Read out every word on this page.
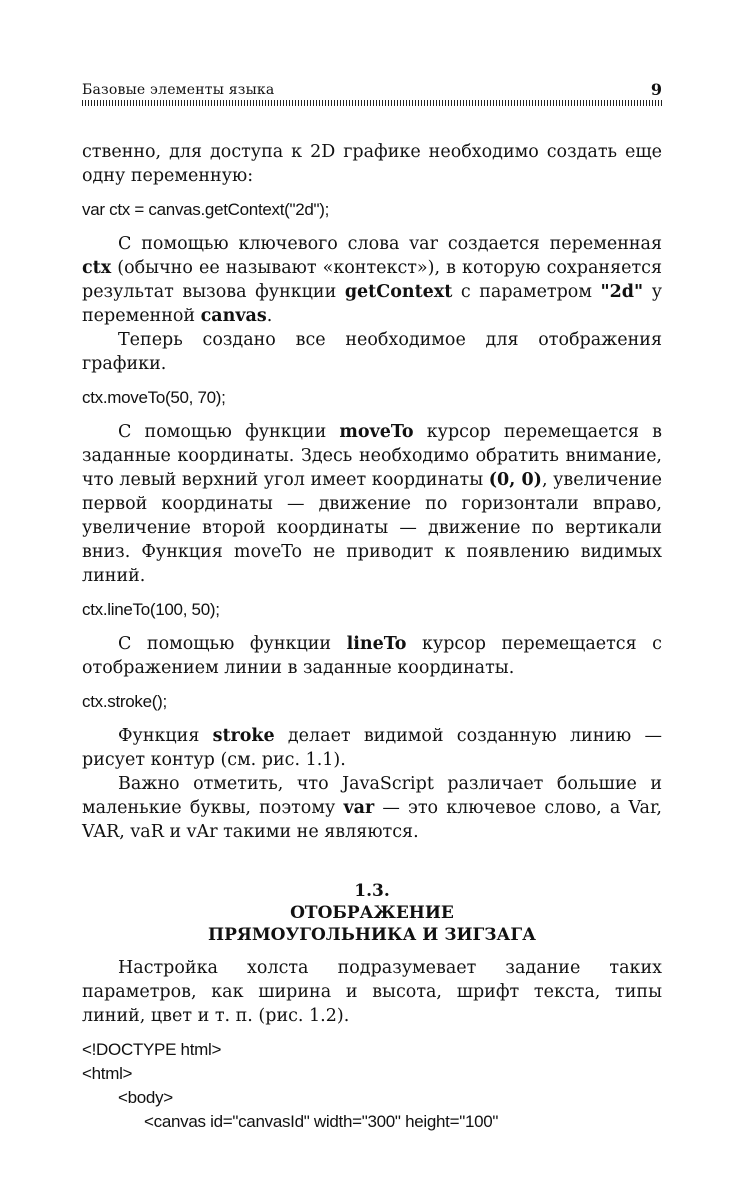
Базовые элементы языка	9

ственно, для доступа к 2D графике необходимо создать еще одну переменную:

var ctx = canvas.getContext("2d");

С помощью ключевого слова var создается переменная ctx (обычно ее называют «контекст»), в которую сохраняется результат вызова функции getContext с параметром "2d" у переменной canvas.

Теперь создано все необходимое для отображения графики.

ctx.moveTo(50, 70);

С помощью функции moveTo курсор перемещается в заданные координаты. Здесь необходимо обратить внимание, что левый верхний угол имеет координаты (0, 0), увеличение первой координаты — движение по горизонтали вправо, увеличение второй координаты — движение по вертикали вниз. Функция moveTo не приводит к появлению видимых линий.

ctx.lineTo(100, 50);

С помощью функции lineTo курсор перемещается с отображением линии в заданные координаты.

ctx.stroke();

Функция stroke делает видимой созданную линию — рисует контур (см. рис. 1.1).

Важно отметить, что JavaScript различает большие и маленькие буквы, поэтому var — это ключевое слово, а Var, VAR, vaR и vAr такими не являются.

1.3.
ОТОБРАЖЕНИЕ
ПРЯМОУГОЛЬНИКА И ЗИГЗАГА

Настройка холста подразумевает задание таких параметров, как ширина и высота, шрифт текста, типы линий, цвет и т. п. (рис. 1.2).

<!DOCTYPE html>
<html>
<body>
<canvas id="canvasId" width="300" height="100"
